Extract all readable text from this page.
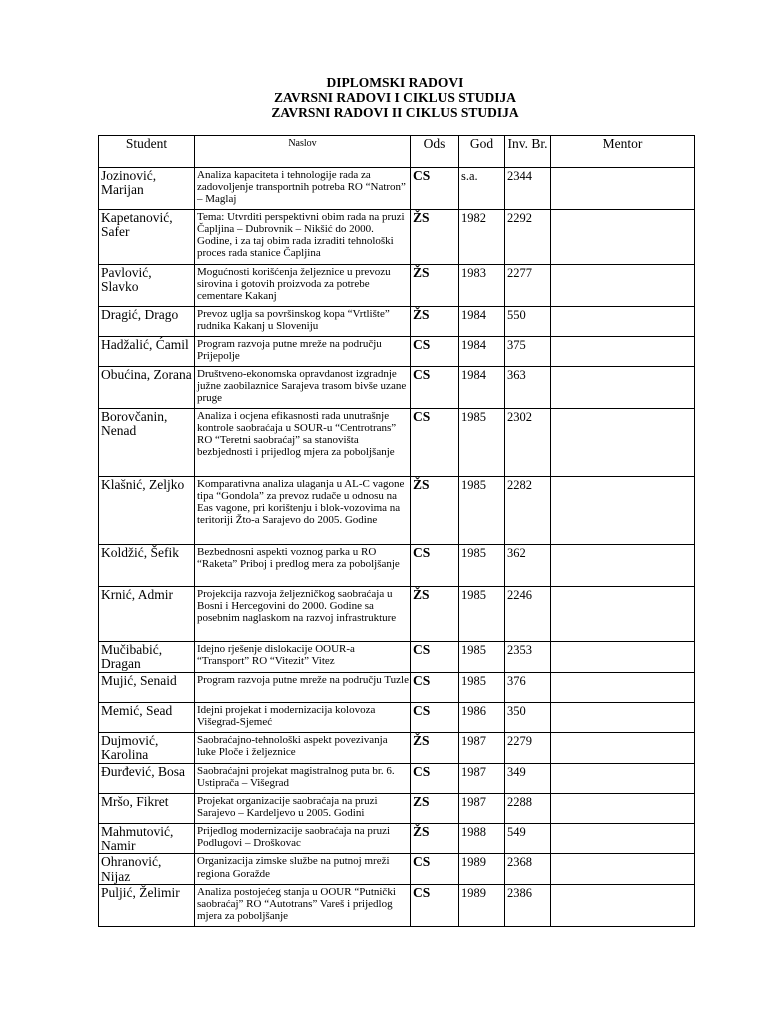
DIPLOMSKI RADOVI
ZAVRSNI RADOVI I CIKLUS STUDIJA
ZAVRSNI RADOVI II CIKLUS STUDIJA
Student	Naslov	Ods	God	Inv. Br.	Mentor
Jozinović, Marijan	Analiza kapaciteta i tehnologije rada za zadovoljenje transportnih potreba RO “Natron” – Maglaj	CS	s.a.	2344	
Kapetanović, Safer	Tema: Utvrditi perspektivni obim rada na pruzi Čapljina – Dubrovnik – Nikšić do 2000. Godine, i za taj obim rada izraditi tehnološki proces rada stanice Čapljina	ŽS	1982	2292	
Pavlović, Slavko	Mogućnosti korišćenja željeznice u prevozu sirovina i gotovih proizvoda za potrebe cementare Kakanj	ŽS	1983	2277	
Dragić, Drago	Prevoz uglja sa površinskog kopa “Vrtlište” rudnika Kakanj u Sloveniju	ŽS	1984	550	
Hadžalić, Ćamil	Program razvoja putne mreže na području Prijepolje	CS	1984	375	
Obućina, Zorana	Društveno-ekonomska opravdanost izgradnje južne zaobilaznice Sarajeva trasom bivše uzane pruge	CS	1984	363	
Borovčanin, Nenad	Analiza i ocjena efikasnosti rada unutrašnje kontrole saobraćaja u SOUR-u “Centrotrans” RO “Teretni saobraćaj” sa stanovišta bezbjednosti i prijedlog mjera za poboljšanje	CS	1985	2302	
Klašnić, Zeljko	Komparativna analiza ulaganja u AL-C vagone tipa “Gondola” za prevoz rudače u odnosu na Eas vagone, pri korištenju i blok-vozovima na teritoriji Žto-a Sarajevo do 2005. Godine	ŽS	1985	2282	
Koldžić, Šefik	Bezbednosni aspekti voznog parka u RO “Raketa” Priboj i predlog mera za poboljšanje	CS	1985	362	
Krnić, Admir	Projekcija razvoja željezničkog saobraćaja u Bosni i Hercegovini do 2000. Godine sa posebnim naglaskom na razvoj infrastrukture	ŽS	1985	2246	
Mučibabić, Dragan	Idejno rješenje dislokacije OOUR-a “Transport” RO “Vitezit” Vitez	CS	1985	2353	
Mujić, Senaid	Program razvoja putne mreže na području Tuzle	CS	1985	376	
Memić, Sead	Idejni projekat i modernizacija kolovoza Višegrad-Sjemeć	CS	1986	350	
Dujmović, Karolina	Saobraćajno-tehnološki aspekt povezivanja luke Ploče i željeznice	ŽS	1987	2279	
Đurđević, Bosa	Saobraćajni projekat magistralnog puta br. 6. Ustiprača – Višegrad	CS	1987	349	
Mršo, Fikret	Projekat organizacije saobraćaja na pruzi Sarajevo – Kardeljevo u 2005. Godini	ZS	1987	2288	
Mahmutović, Namir	Prijedlog modernizacije saobraćaja na pruzi Podlugovi – Droškovac	ŽS	1988	549	
Ohranović, Nijaz	Organizacija zimske službe na putnoj mreži regiona Goražde	CS	1989	2368	
Puljić, Želimir	Analiza postojećeg stanja u OOUR “Putnički saobraćaj” RO “Autotrans” Vareš i prijedlog mjera za poboljšanje	CS	1989	2386	
